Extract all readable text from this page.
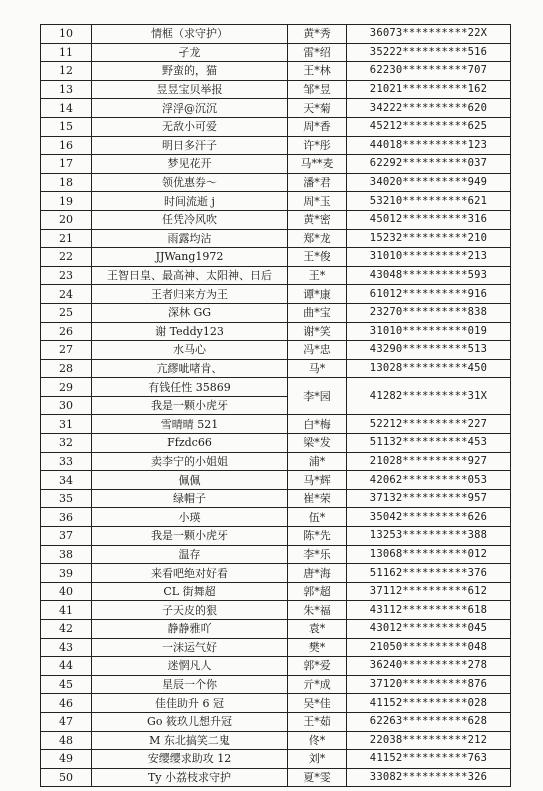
10	情框（求守护）	黄*秀	36073**********22X
11	孑龙	雷*绍	35222**********516
12	野蛮的，猫	王*林	62230**********707
13	昱昱宝贝举报	邹*昱	21021**********162
14	浮浮@沉沉	天*菊	34222**********620
15	无敌小可爱	周*香	45212**********625
16	明日多汗子	许*彤	44018**********123
17	梦见花开	马**麦	62292**********037
18	领优惠券～	潘*君	34020**********949
19	时间流逝 j	周*玉	53210**********621
20	任凭冷风吹	黄*密	45012**********316
21	雨露均沾	郑*龙	15232**********210
22	JJWang1972	王*俊	31010**********213
23	王智日皇、最高神、太阳神、日后	王*	43048**********593
24	王者归来方为王	谭*康	61012**********916
25	深林 GG	曲*宝	23270**********838
26	谢 Teddy123	谢*笑	31010**********019
27	水马心	冯*忠	43290**********513
28	亢繆呲啫肯、	马*	13028**********450
29	有钱任性 35869	李*园	41282**********31X
30	我是一颗小虎牙		
31	雪晴晴 521	白*梅	52212**********227
32	Ffzdc66	梁*发	51132**********453
33	卖李宁的小姐姐	浦*	21028**********927
34	佩佩	马*辉	42062**********053
35	绿帽子	崔*荣	37132**********957
36	小瑛	伍*	35042**********626
37	我是一颗小虎牙	陈*先	13253**********388
38	温存	李*乐	13068**********012
39	来看吧绝对好看	唐*海	51162**********376
40	CL 街舞超	郭*超	37112**********612
41	子天皮的狠	朱*福	43112**********618
42	静静雅吖	袁*	43012**********045
43	一沫运气好	樊*	21050**********048
44	迷惘凡人	郭*爱	36240**********278
45	星辰一个你	亓*成	37120**********876
46	佳佳助升 6 冠	吴*佳	41152**********028
47	Go 筱玖儿想升冠	王*茹	62263**********628
48	M 东北搞笑二鬼	佟*	22038**********212
49	安缨缨求助攻 12	刘*	41152**********763
50	Ty 小荔枝求守护	夏*雯	33082**********326
